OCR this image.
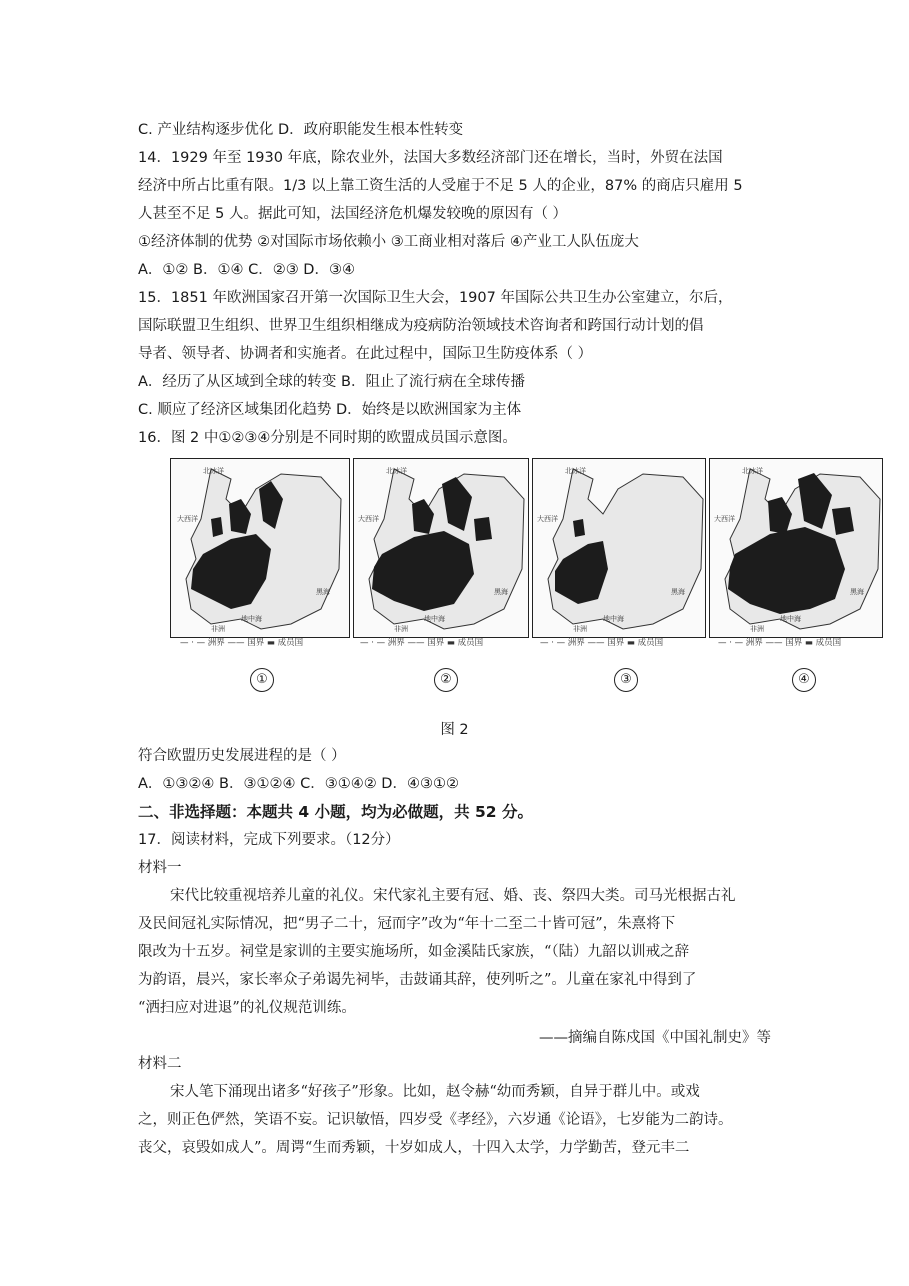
C. 产业结构逐步优化 D．政府职能发生根本性转变
14．1929 年至 1930 年底，除农业外，法国大多数经济部门还在增长，当时，外贸在法国
经济中所占比重有限。1/3 以上靠工资生活的人受雇于不足 5 人的企业，87% 的商店只雇用 5
人甚至不足 5 人。据此可知，法国经济危机爆发较晚的原因有（ ）
①经济体制的优势 ②对国际市场依赖小 ③工商业相对落后 ④产业工人队伍庞大
A．①② B．①④ C．②③ D．③④
15．1851 年欧洲国家召开第一次国际卫生大会，1907 年国际公共卫生办公室建立，尔后，
国际联盟卫生组织、世界卫生组织相继成为疫病防治领域技术咨询者和跨国行动计划的倡
导者、领导者、协调者和实施者。在此过程中，国际卫生防疫体系（ ）
A．经历了从区域到全球的转变 B．阻止了流行病在全球传播
C. 顺应了经济区域集团化趋势 D．始终是以欧洲国家为主体
16．图 2 中①②③④分别是不同时期的欧盟成员国示意图。
北冰洋
大西洋
地中海
黑海
非洲
北冰洋
大西洋
地中海
黑海
非洲
北冰洋
大西洋
地中海
黑海
非洲
北冰洋
大西洋
地中海
黑海
非洲
— · — 洲界 —— 国界 ▬ 成员国	— · — 洲界 —— 国界 ▬ 成员国	— · — 洲界 —— 国界 ▬ 成员国	— · — 洲界 —— 国界 ▬ 成员国
①	②	③	④
图 2
符合欧盟历史发展进程的是（ ）
A．①③②④ B．③①②④ C．③①④② D．④③①②
二、非选择题：本题共 4 小题，均为必做题，共 52 分。
17．阅读材料，完成下列要求。（12分）
材料一
宋代比较重视培养儿童的礼仪。宋代家礼主要有冠、婚、丧、祭四大类。司马光根据古礼
及民间冠礼实际情况，把“男子二十，冠而字”改为“年十二至二十皆可冠”，朱熹将下
限改为十五岁。祠堂是家训的主要实施场所，如金溪陆氏家族，“（陆）九韶以训戒之辞
为韵语，晨兴，家长率众子弟谒先祠毕，击鼓诵其辞，使列听之”。儿童在家礼中得到了
“洒扫应对进退”的礼仪规范训练。
——摘编自陈戍国《中国礼制史》等
材料二
宋人笔下涌现出诸多“好孩子”形象。比如，赵令赫“幼而秀颖，自异于群儿中。或戏
之，则正色俨然，笑语不妄。记识敏悟，四岁受《孝经》，六岁通《论语》，七岁能为二韵诗。
丧父，哀毁如成人”。周谔“生而秀颖，十岁如成人，十四入太学，力学勤苦，登元丰二
